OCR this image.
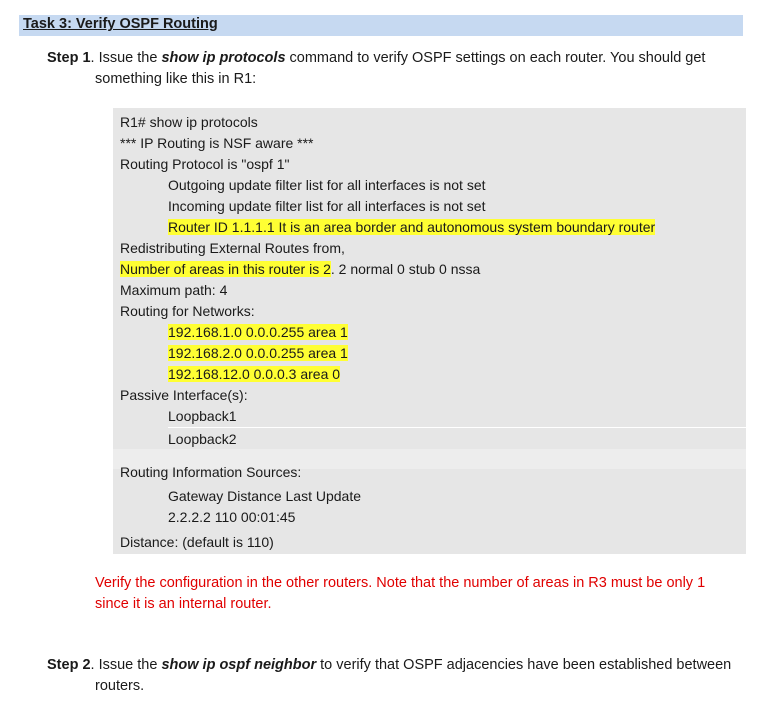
Task 3: Verify OSPF Routing
Step 1. Issue the show ip protocols command to verify OSPF settings on each router. You should get
something like this in R1:
R1# show ip protocols
*** IP Routing is NSF aware ***
Routing Protocol is "ospf 1"
Outgoing update filter list for all interfaces is not set
Incoming update filter list for all interfaces is not set
Router ID 1.1.1.1 It is an area border and autonomous system boundary router
Redistributing External Routes from,
Number of areas in this router is 2. 2 normal 0 stub 0 nssa
Maximum path: 4
Routing for Networks:
192.168.1.0 0.0.0.255 area 1
192.168.2.0 0.0.0.255 area 1
192.168.12.0 0.0.0.3 area 0
Passive Interface(s):
Loopback1
Loopback2
Routing Information Sources:
Gateway Distance Last Update
2.2.2.2 110 00:01:45
Distance: (default is 110)
Verify the configuration in the other routers. Note that the number of areas in R3 must be only 1
since it is an internal router.
Step 2. Issue the show ip ospf neighbor to verify that OSPF adjacencies have been established between
routers.
